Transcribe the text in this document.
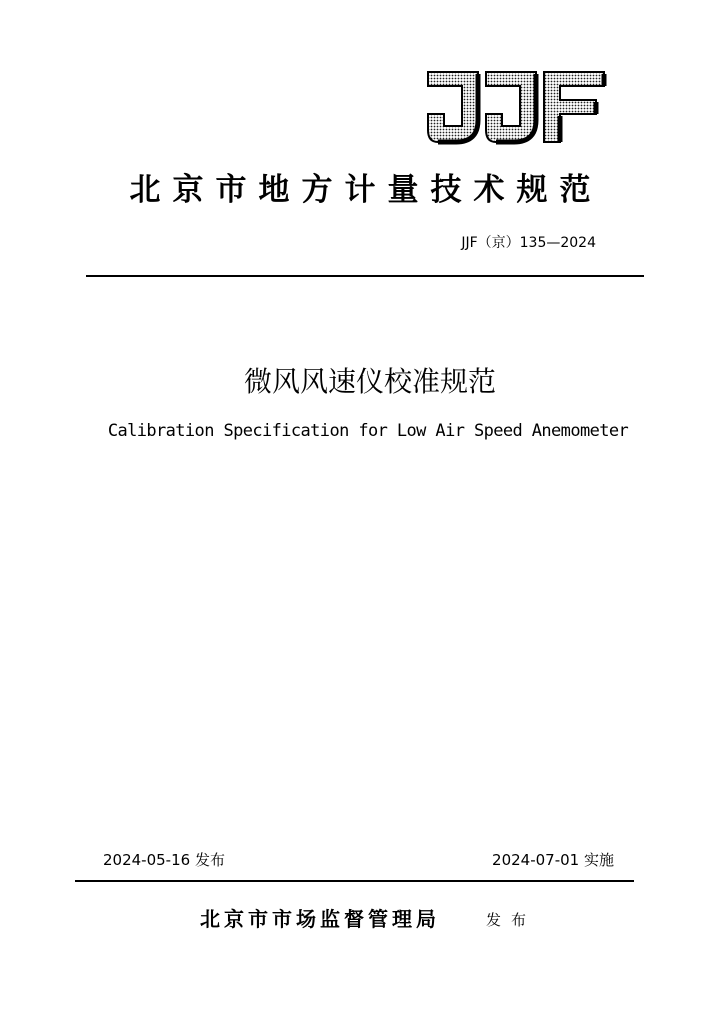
北京市地方计量技术规范
JJF（京）135—2024
微风风速仪校准规范
Calibration Specification for Low Air Speed Anemometer
2024-05-16 发布	2024-07-01 实施
北京市市场监督管理局	发布
